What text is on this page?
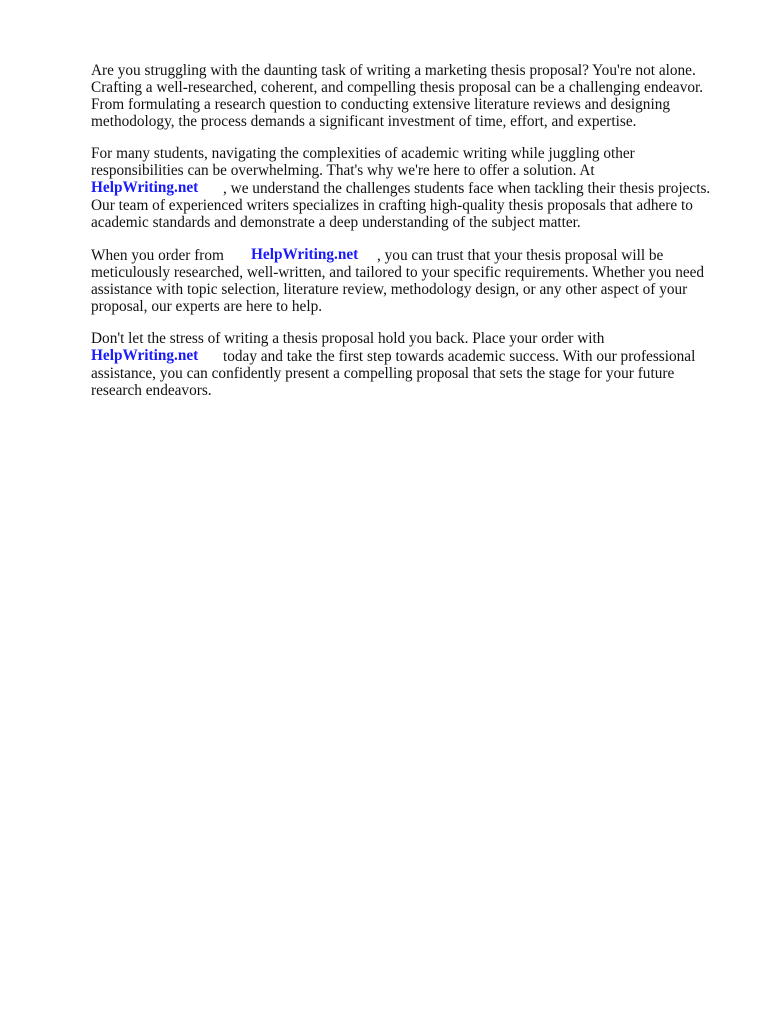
Are you struggling with the daunting task of writing a marketing thesis proposal? You're not alone.
Crafting a well-researched, coherent, and compelling thesis proposal can be a challenging endeavor.
From formulating a research question to conducting extensive literature reviews and designing
methodology, the process demands a significant investment of time, effort, and expertise.
For many students, navigating the complexities of academic writing while juggling other
responsibilities can be overwhelming. That's why we're here to offer a solution. At
HelpWriting.net , we understand the challenges students face when tackling their thesis projects.
Our team of experienced writers specializes in crafting high-quality thesis proposals that adhere to
academic standards and demonstrate a deep understanding of the subject matter.
When you order from HelpWriting.net , you can trust that your thesis proposal will be
meticulously researched, well-written, and tailored to your specific requirements. Whether you need
assistance with topic selection, literature review, methodology design, or any other aspect of your
proposal, our experts are here to help.
Don't let the stress of writing a thesis proposal hold you back. Place your order with
HelpWriting.net today and take the first step towards academic success. With our professional
assistance, you can confidently present a compelling proposal that sets the stage for your future
research endeavors.
